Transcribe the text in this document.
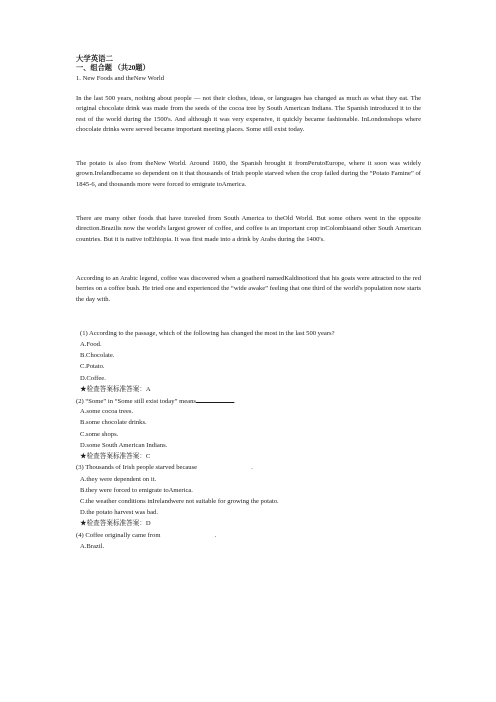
大学英语二
一、组合题 （共20题）
1. New Foods and theNew World
In the last 500 years, nothing about people — not their clothes, ideas, or languages has changed as much as what they eat. The original chocolate drink was made from the seeds of the cocoa tree by South American Indians. The Spanish introduced it to the rest of the world during the 1500's. And although it was very expensive, it quickly became fashionable. InLondonshops where chocolate drinks were served became important meeting places. Some still exist today.
The potato is also from theNew World. Around 1600, the Spanish brought it fromPerutoEurope, where it soon was widely grown.Irelandbecame so dependent on it that thousands of Irish people starved when the crop failed during the “Potato Famine” of 1845-6, and thousands more were forced to emigrate toAmerica.
There are many other foods that have traveled from South America to theOld World. But some others went in the opposite direction.Brazilis now the world's largest grower of coffee, and coffee is an important crop inColombiaand other South American countries. But it is native toEthiopia. It was first made into a drink by Arabs during the 1400's.
According to an Arabic legend, coffee was discovered when a goatherd namedKaldinoticed that his goats were attracted to the red berries on a coffee bush. He tried one and experienced the “wide awake” feeling that one third of the world's population now starts the day with.
(1) According to the passage, which of the following has changed the most in the last 500 years?
A.Food.
B.Chocolate.
C.Potato.
D.Coffee.
★检查答案标准答案：A
(2) “Some” in “Some still exist today” means	.
A.some cocoa trees.
B.some chocolate drinks.
C.some shops.
D.some South American Indians.
★检查答案标准答案：C
(3) Thousands of Irish people starved because	.
A.they were dependent on it.
B.they were forced to emigrate toAmerica.
C.the weather conditions inIrelandwere not suitable for growing the potato.
D.the potato harvest was bad.
★检查答案标准答案：D
(4) Coffee originally came from	.
A.Brazil.
